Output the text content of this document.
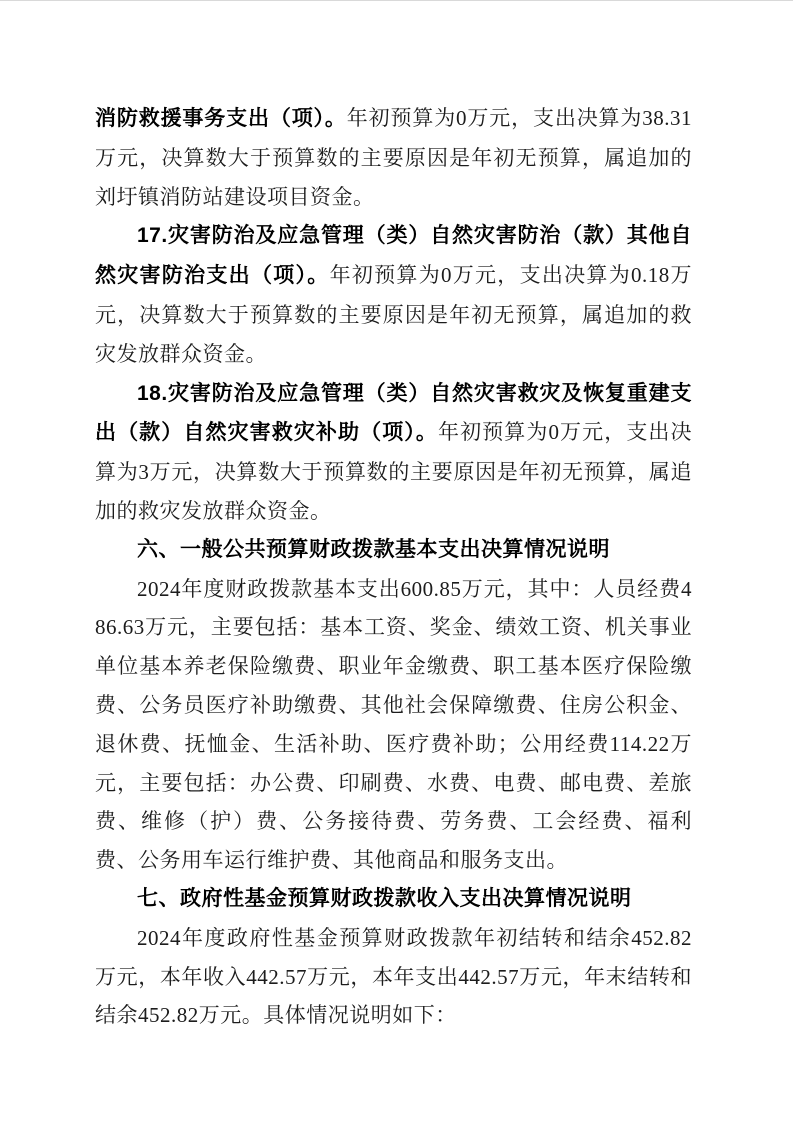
消防救援事务支出（项）。年初预算为0万元，支出决算为38.31万元，决算数大于预算数的主要原因是年初无预算，属追加的刘圩镇消防站建设项目资金。

17.灾害防治及应急管理（类）自然灾害防治（款）其他自然灾害防治支出（项）。年初预算为0万元，支出决算为0.18万元，决算数大于预算数的主要原因是年初无预算，属追加的救灾发放群众资金。

18.灾害防治及应急管理（类）自然灾害救灾及恢复重建支出（款）自然灾害救灾补助（项）。年初预算为0万元，支出决算为3万元，决算数大于预算数的主要原因是年初无预算，属追加的救灾发放群众资金。

六、一般公共预算财政拨款基本支出决算情况说明

2024年度财政拨款基本支出600.85万元，其中：人员经费486.63万元，主要包括：基本工资、奖金、绩效工资、机关事业单位基本养老保险缴费、职业年金缴费、职工基本医疗保险缴费、公务员医疗补助缴费、其他社会保障缴费、住房公积金、退休费、抚恤金、生活补助、医疗费补助；公用经费114.22万元，主要包括：办公费、印刷费、水费、电费、邮电费、差旅费、维修（护）费、公务接待费、劳务费、工会经费、福利费、公务用车运行维护费、其他商品和服务支出。

七、政府性基金预算财政拨款收入支出决算情况说明

2024年度政府性基金预算财政拨款年初结转和结余452.82万元，本年收入442.57万元，本年支出442.57万元，年末结转和结余452.82万元。具体情况说明如下：
